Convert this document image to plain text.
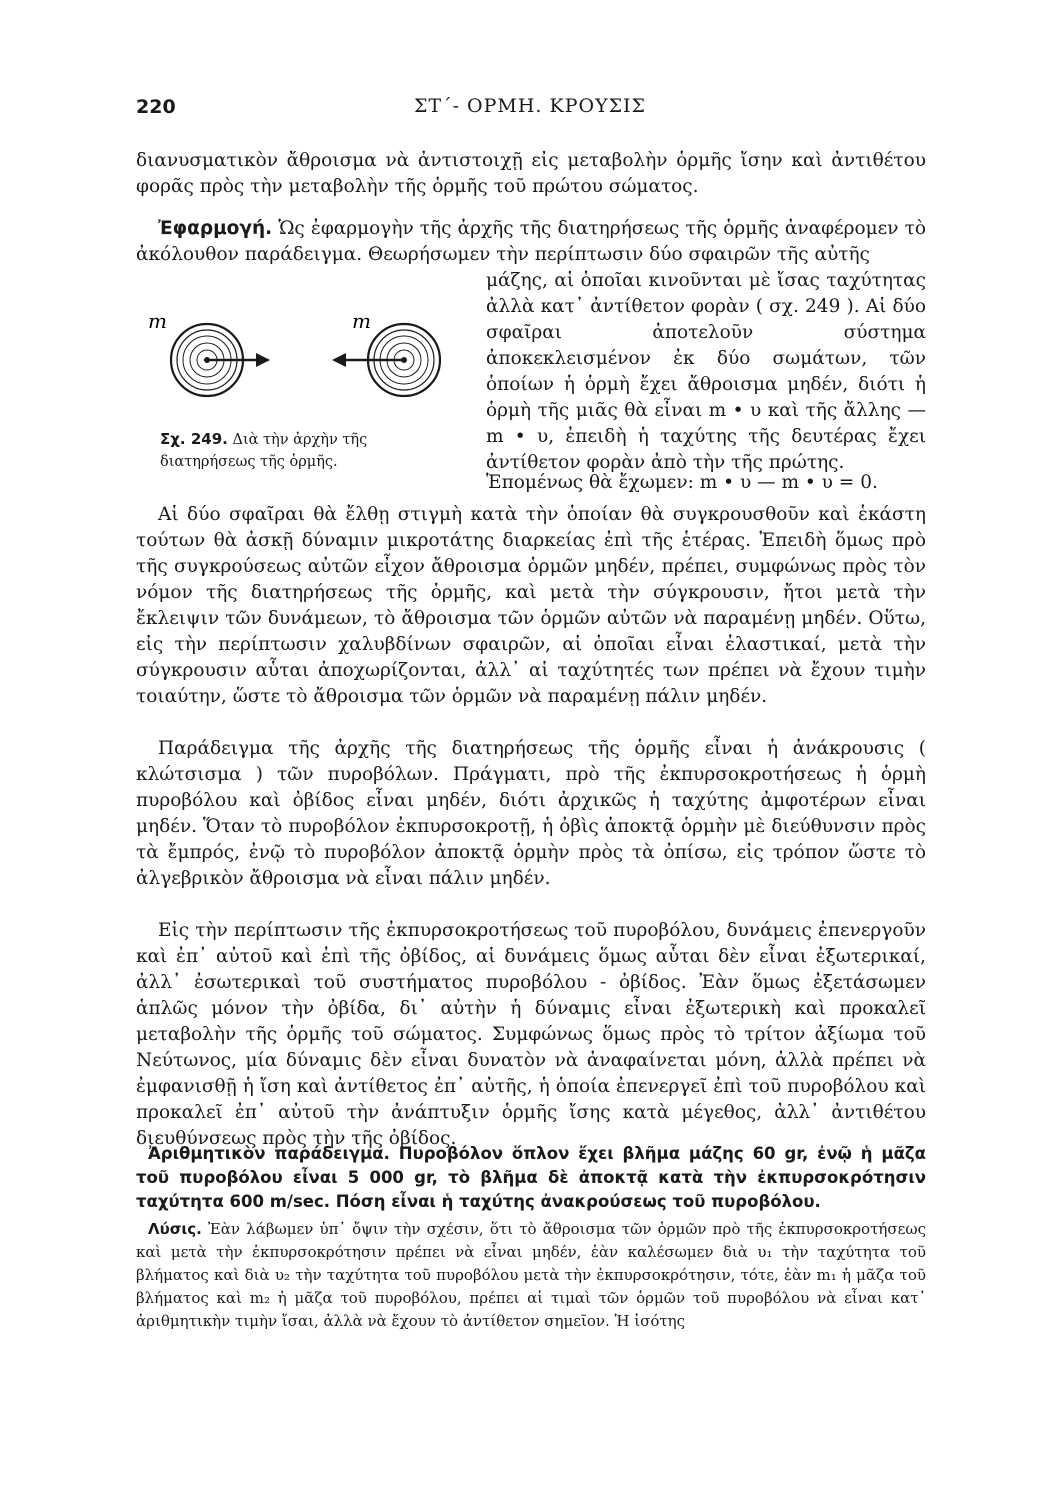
220	ΣΤ΄- ΟΡΜΗ. ΚΡΟΥΣΙΣ

διανυσματικὸν ἄθροισμα νὰ ἀντιστοιχῇ εἰς μεταβολὴν ὁρμῆς ἴσην καὶ ἀντιθέτου φορᾶς πρὸς τὴν μεταβολὴν τῆς ὁρμῆς τοῦ πρώτου σώματος.

Ἐφαρμογή. Ὡς ἐφαρμογὴν τῆς ἀρχῆς τῆς διατηρήσεως τῆς ὁρμῆς ἀναφέρομεν τὸ ἀκόλουθον παράδειγμα. Θεωρήσωμεν τὴν περίπτωσιν δύο σφαιρῶν τῆς αὐτῆς

μάζης, αἱ ὁποῖαι κινοῦνται μὲ ἴσας ταχύτητας ἀλλὰ κατ᾽ ἀντίθετον φορὰν ( σχ. 249 ). Αἱ δύο σφαῖραι ἀποτελοῦν σύστημα ἀποκεκλεισμένον ἐκ δύο σωμάτων, τῶν ὁποίων ἡ ὁρμὴ ἔχει ἄθροισμα μηδέν, διότι ἡ ὁρμὴ τῆς μιᾶς θὰ εἶναι m • υ καὶ τῆς ἄλλης — m • υ, ἐπειδὴ ἡ ταχύτης τῆς δευτέρας ἔχει ἀντίθετον φορὰν ἀπὸ τὴν τῆς πρώτης.

Ἑπομένως θὰ ἔχωμεν: m • υ — m • υ = 0.

m	m
Σχ. 249. Διὰ τὴν ἀρχὴν τῆς διατηρήσεως τῆς ὁρμῆς.

Αἱ δύο σφαῖραι θὰ ἔλθῃ στιγμὴ κατὰ τὴν ὁποίαν θὰ συγκρουσθοῦν καὶ ἑκάστη τούτων θὰ ἀσκῇ δύναμιν μικροτάτης διαρκείας ἐπὶ τῆς ἑτέρας. Ἐπειδὴ ὅμως πρὸ τῆς συγκρούσεως αὐτῶν εἶχον ἄθροισμα ὁρμῶν μηδέν, πρέπει, συμφώνως πρὸς τὸν νόμον τῆς διατηρήσεως τῆς ὁρμῆς, καὶ μετὰ τὴν σύγκρουσιν, ἤτοι μετὰ τὴν ἔκλειψιν τῶν δυνάμεων, τὸ ἄθροισμα τῶν ὁρμῶν αὐτῶν νὰ παραμένῃ μηδέν. Οὕτω, εἰς τὴν περίπτωσιν χαλυβδίνων σφαιρῶν, αἱ ὁποῖαι εἶναι ἐλαστικαί, μετὰ τὴν σύγκρουσιν αὗται ἀποχωρίζονται, ἀλλ᾽ αἱ ταχύτητές των πρέπει νὰ ἔχουν τιμὴν τοιαύτην, ὥστε τὸ ἄθροισμα τῶν ὁρμῶν νὰ παραμένῃ πάλιν μηδέν.

Παράδειγμα τῆς ἀρχῆς τῆς διατηρήσεως τῆς ὁρμῆς εἶναι ἡ ἀνάκρουσις ( κλώτσισμα ) τῶν πυροβόλων. Πράγματι, πρὸ τῆς ἐκπυρσοκροτήσεως ἡ ὁρμὴ πυροβόλου καὶ ὀβίδος εἶναι μηδέν, διότι ἀρχικῶς ἡ ταχύτης ἀμφοτέρων εἶναι μηδέν. Ὅταν τὸ πυροβόλον ἐκπυρσοκροτῇ, ἡ ὀβὶς ἀποκτᾷ ὁρμὴν μὲ διεύθυνσιν πρὸς τὰ ἔμπρός, ἐνῷ τὸ πυροβόλον ἀποκτᾷ ὁρμὴν πρὸς τὰ ὀπίσω, εἰς τρόπον ὥστε τὸ ἀλγεβρικὸν ἄθροισμα νὰ εἶναι πάλιν μηδέν.

Εἰς τὴν περίπτωσιν τῆς ἐκπυρσοκροτήσεως τοῦ πυροβόλου, δυνάμεις ἐπενεργοῦν καὶ ἐπ᾽ αὐτοῦ καὶ ἐπὶ τῆς ὀβίδος, αἱ δυνάμεις ὅμως αὗται δὲν εἶναι ἐξωτερικαί, ἀλλ᾽ ἐσωτερικαὶ τοῦ συστήματος πυροβόλου - ὀβίδος. Ἐὰν ὅμως ἐξετάσωμεν ἁπλῶς μόνον τὴν ὀβίδα, δι᾽ αὐτὴν ἡ δύναμις εἶναι ἐξωτερικὴ καὶ προκαλεῖ μεταβολὴν τῆς ὁρμῆς τοῦ σώματος. Συμφώνως ὅμως πρὸς τὸ τρίτον ἀξίωμα τοῦ Νεύτωνος, μία δύναμις δὲν εἶναι δυνατὸν νὰ ἀναφαίνεται μόνη, ἀλλὰ πρέπει νὰ ἐμφανισθῇ ἡ ἴση καὶ ἀντίθετος ἐπ᾽ αὐτῆς, ἡ ὁποία ἐπενεργεῖ ἐπὶ τοῦ πυροβόλου καὶ προκαλεῖ ἐπ᾽ αὐτοῦ τὴν ἀνάπτυξιν ὁρμῆς ἴσης κατὰ μέγεθος, ἀλλ᾽ ἀντιθέτου διευθύνσεως πρὸς τὴν τῆς ὀβίδος.

Ἀριθμητικὸν παράδειγμα. Πυροβόλον ὅπλον ἔχει βλῆμα μάζης 60 gr, ἐνῷ ἡ μᾶζα τοῦ πυροβόλου εἶναι 5 000 gr, τὸ βλῆμα δὲ ἀποκτᾷ κατὰ τὴν ἐκπυρσοκρότησιν ταχύτητα 600 m/sec. Πόση εἶναι ἡ ταχύτης ἀνακρούσεως τοῦ πυροβόλου.
Λύσις. Ἐὰν λάβωμεν ὑπ᾽ ὄψιν τὴν σχέσιν, ὅτι τὸ ἄθροισμα τῶν ὁρμῶν πρὸ τῆς ἐκπυρσοκροτήσεως καὶ μετὰ τὴν ἐκπυρσοκρότησιν πρέπει νὰ εἶναι μηδέν, ἐὰν καλέσωμεν διὰ υ₁ τὴν ταχύτητα τοῦ βλήματος καὶ διὰ υ₂ τὴν ταχύτητα τοῦ πυροβόλου μετὰ τὴν ἐκπυρσοκρότησιν, τότε, ἐὰν m₁ ἡ μᾶζα τοῦ βλήματος καὶ m₂ ἡ μᾶζα τοῦ πυροβόλου, πρέπει αἱ τιμαὶ τῶν ὁρμῶν τοῦ πυροβόλου νὰ εἶναι κατ᾽ ἀριθμητικὴν τιμὴν ἴσαι, ἀλλὰ νὰ ἔχουν τὸ ἀντίθετον σημεῖον. Ἡ ἰσότης
